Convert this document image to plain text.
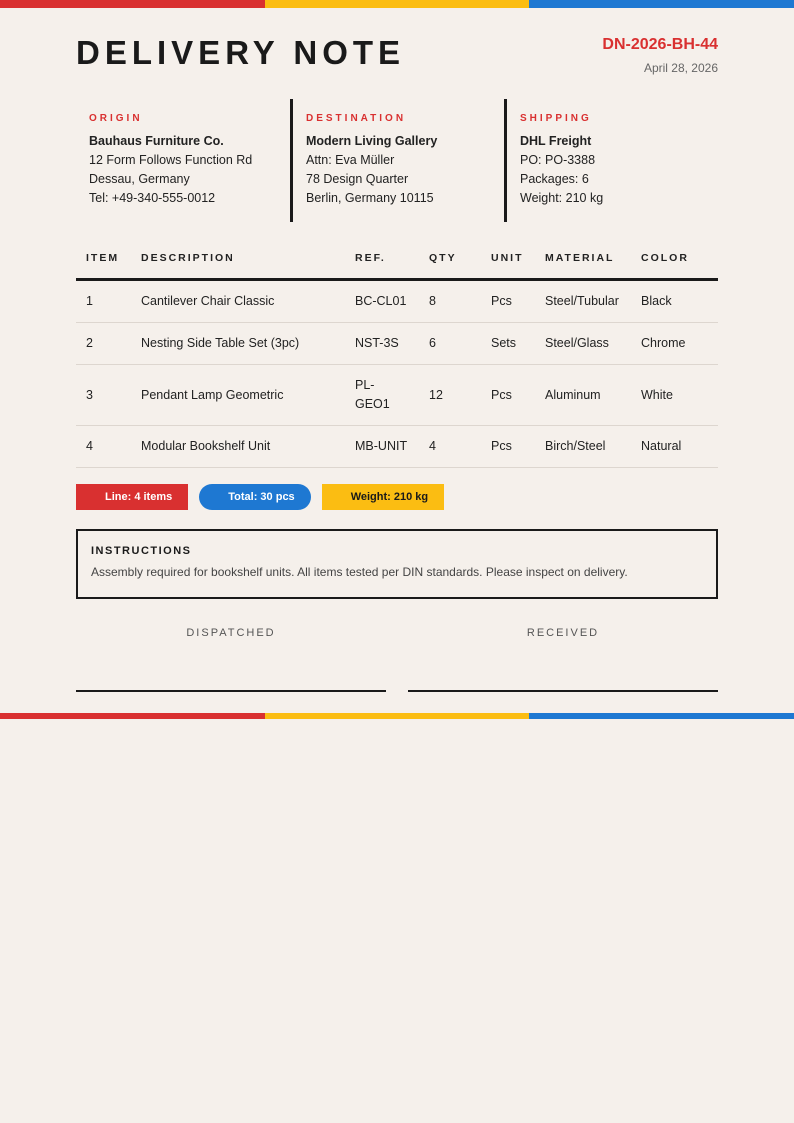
DELIVERY NOTE	DN-2026-BH-44
April 28, 2026
ORIGIN
Bauhaus Furniture Co.
12 Form Follows Function Rd
Dessau, Germany
Tel: +49-340-555-0012
DESTINATION
Modern Living Gallery
Attn: Eva Müller
78 Design Quarter
Berlin, Germany 10115
SHIPPING
DHL Freight
PO: PO-3388
Packages: 6
Weight: 210 kg
ITEM	DESCRIPTION	REF.	QTY	UNIT	MATERIAL	COLOR
1	Cantilever Chair Classic	BC-CL01	8	Pcs	Steel/Tubular	Black
2	Nesting Side Table Set (3pc)	NST-3S	6	Sets	Steel/Glass	Chrome
3	Pendant Lamp Geometric	PL-GEO1	12	Pcs	Aluminum	White
4	Modular Bookshelf Unit	MB-UNIT	4	Pcs	Birch/Steel	Natural
Line: 4 items	Total: 30 pcs	Weight: 210 kg
INSTRUCTIONS
Assembly required for bookshelf units. All items tested per DIN standards. Please inspect on delivery.
DISPATCHED	RECEIVED
